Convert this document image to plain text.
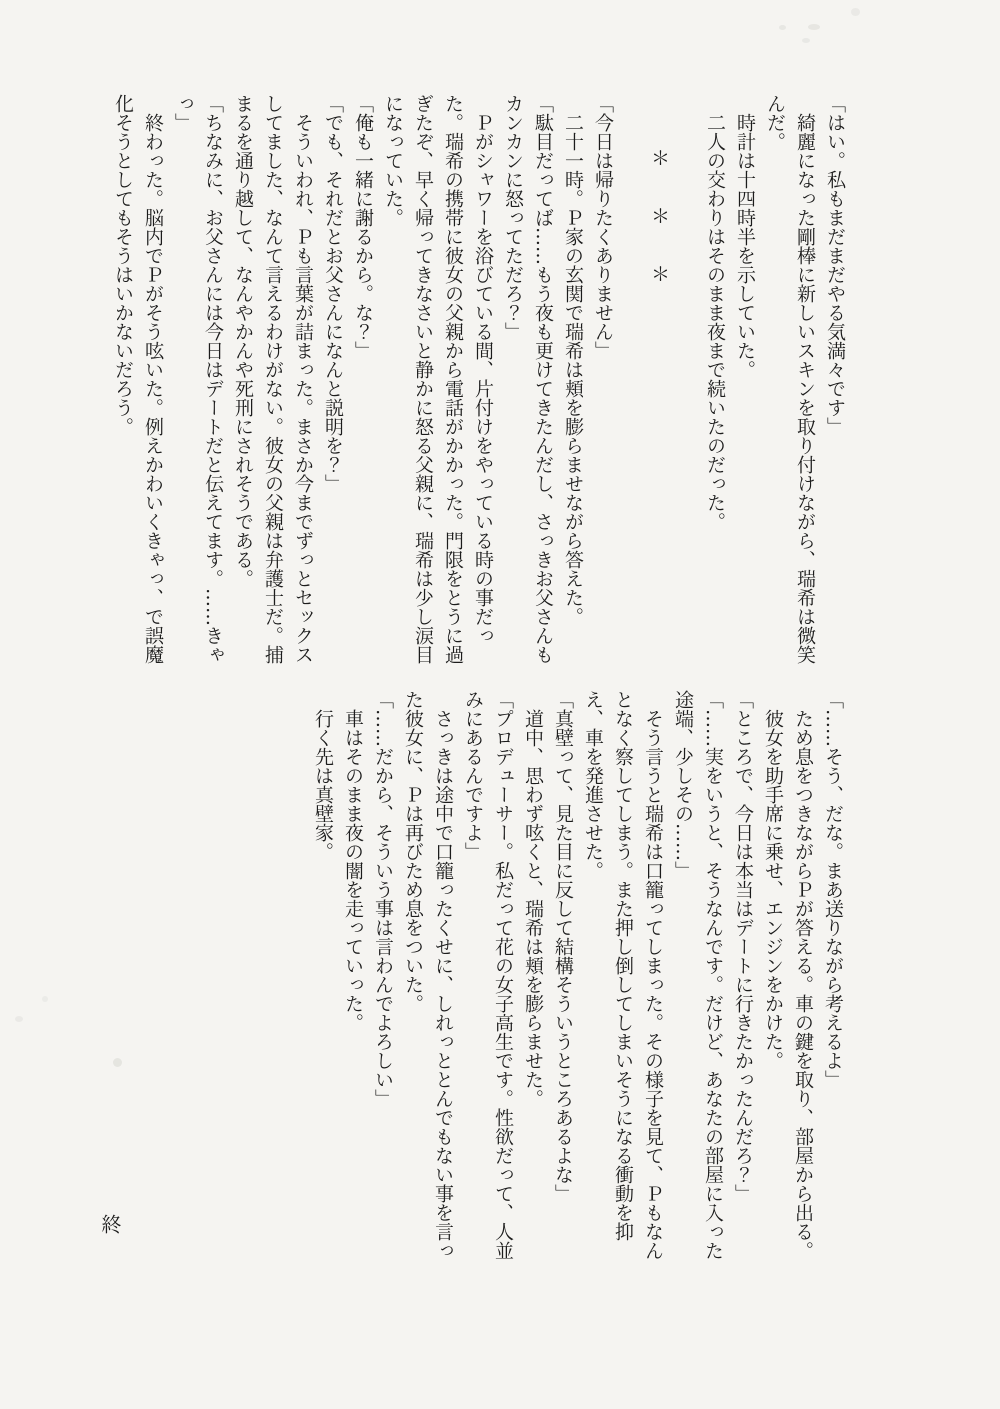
「はい。私もまだまだやる気満々です」

　綺麗になった剛棒に新しいスキンを取り付けながら、瑞希は微笑んだ。

　時計は十四時半を示していた。

　二人の交わりはそのまま夜まで続いたのだった。

＊　＊　＊

「今日は帰りたくありません」

　二十一時。Ｐ家の玄関で瑞希は頬を膨らませながら答えた。

「駄目だってば……もう夜も更けてきたんだし、さっきお父さんもカンカンに怒ってただろ？」

　Ｐがシャワーを浴びている間、片付けをやっている時の事だった。瑞希の携帯に彼女の父親から電話がかかった。門限をとうに過ぎたぞ、早く帰ってきなさいと静かに怒る父親に、瑞希は少し涙目になっていた。

「俺も一緒に謝るから。な？」

「でも、それだとお父さんになんと説明を？」

　そういわれ、Ｐも言葉が詰まった。まさか今までずっとセックスしてました、なんて言えるわけがない。彼女の父親は弁護士だ。捕まるを通り越して、なんやかんや死刑にされそうである。

「ちなみに、お父さんには今日はデートだと伝えてます。……きゃっ」

　終わった。脳内でＰがそう呟いた。例えかわいくきゃっ、で誤魔化そうとしてもそうはいかないだろう。

「……そう、だな。まあ送りながら考えるよ」

　ため息をつきながらＰが答える。車の鍵を取り、部屋から出る。

　彼女を助手席に乗せ、エンジンをかけた。

「ところで、今日は本当はデートに行きたかったんだろ？」

「……実をいうと、そうなんです。だけど、あなたの部屋に入った途端、少しその……」

　そう言うと瑞希は口籠ってしまった。その様子を見て、Ｐもなんとなく察してしまう。また押し倒してしまいそうになる衝動を抑え、車を発進させた。

「真壁って、見た目に反して結構そういうところあるよな」

　道中、思わず呟くと、瑞希は頬を膨らませた。

「プロデューサー。私だって花の女子高生です。性欲だって、人並みにあるんですよ」

　さっきは途中で口籠ったくせに、しれっととんでもない事を言った彼女に、Ｐは再びため息をついた。

「……だから、そういう事は言わんでよろしい」

　車はそのまま夜の闇を走っていった。

　行く先は真壁家。

終
